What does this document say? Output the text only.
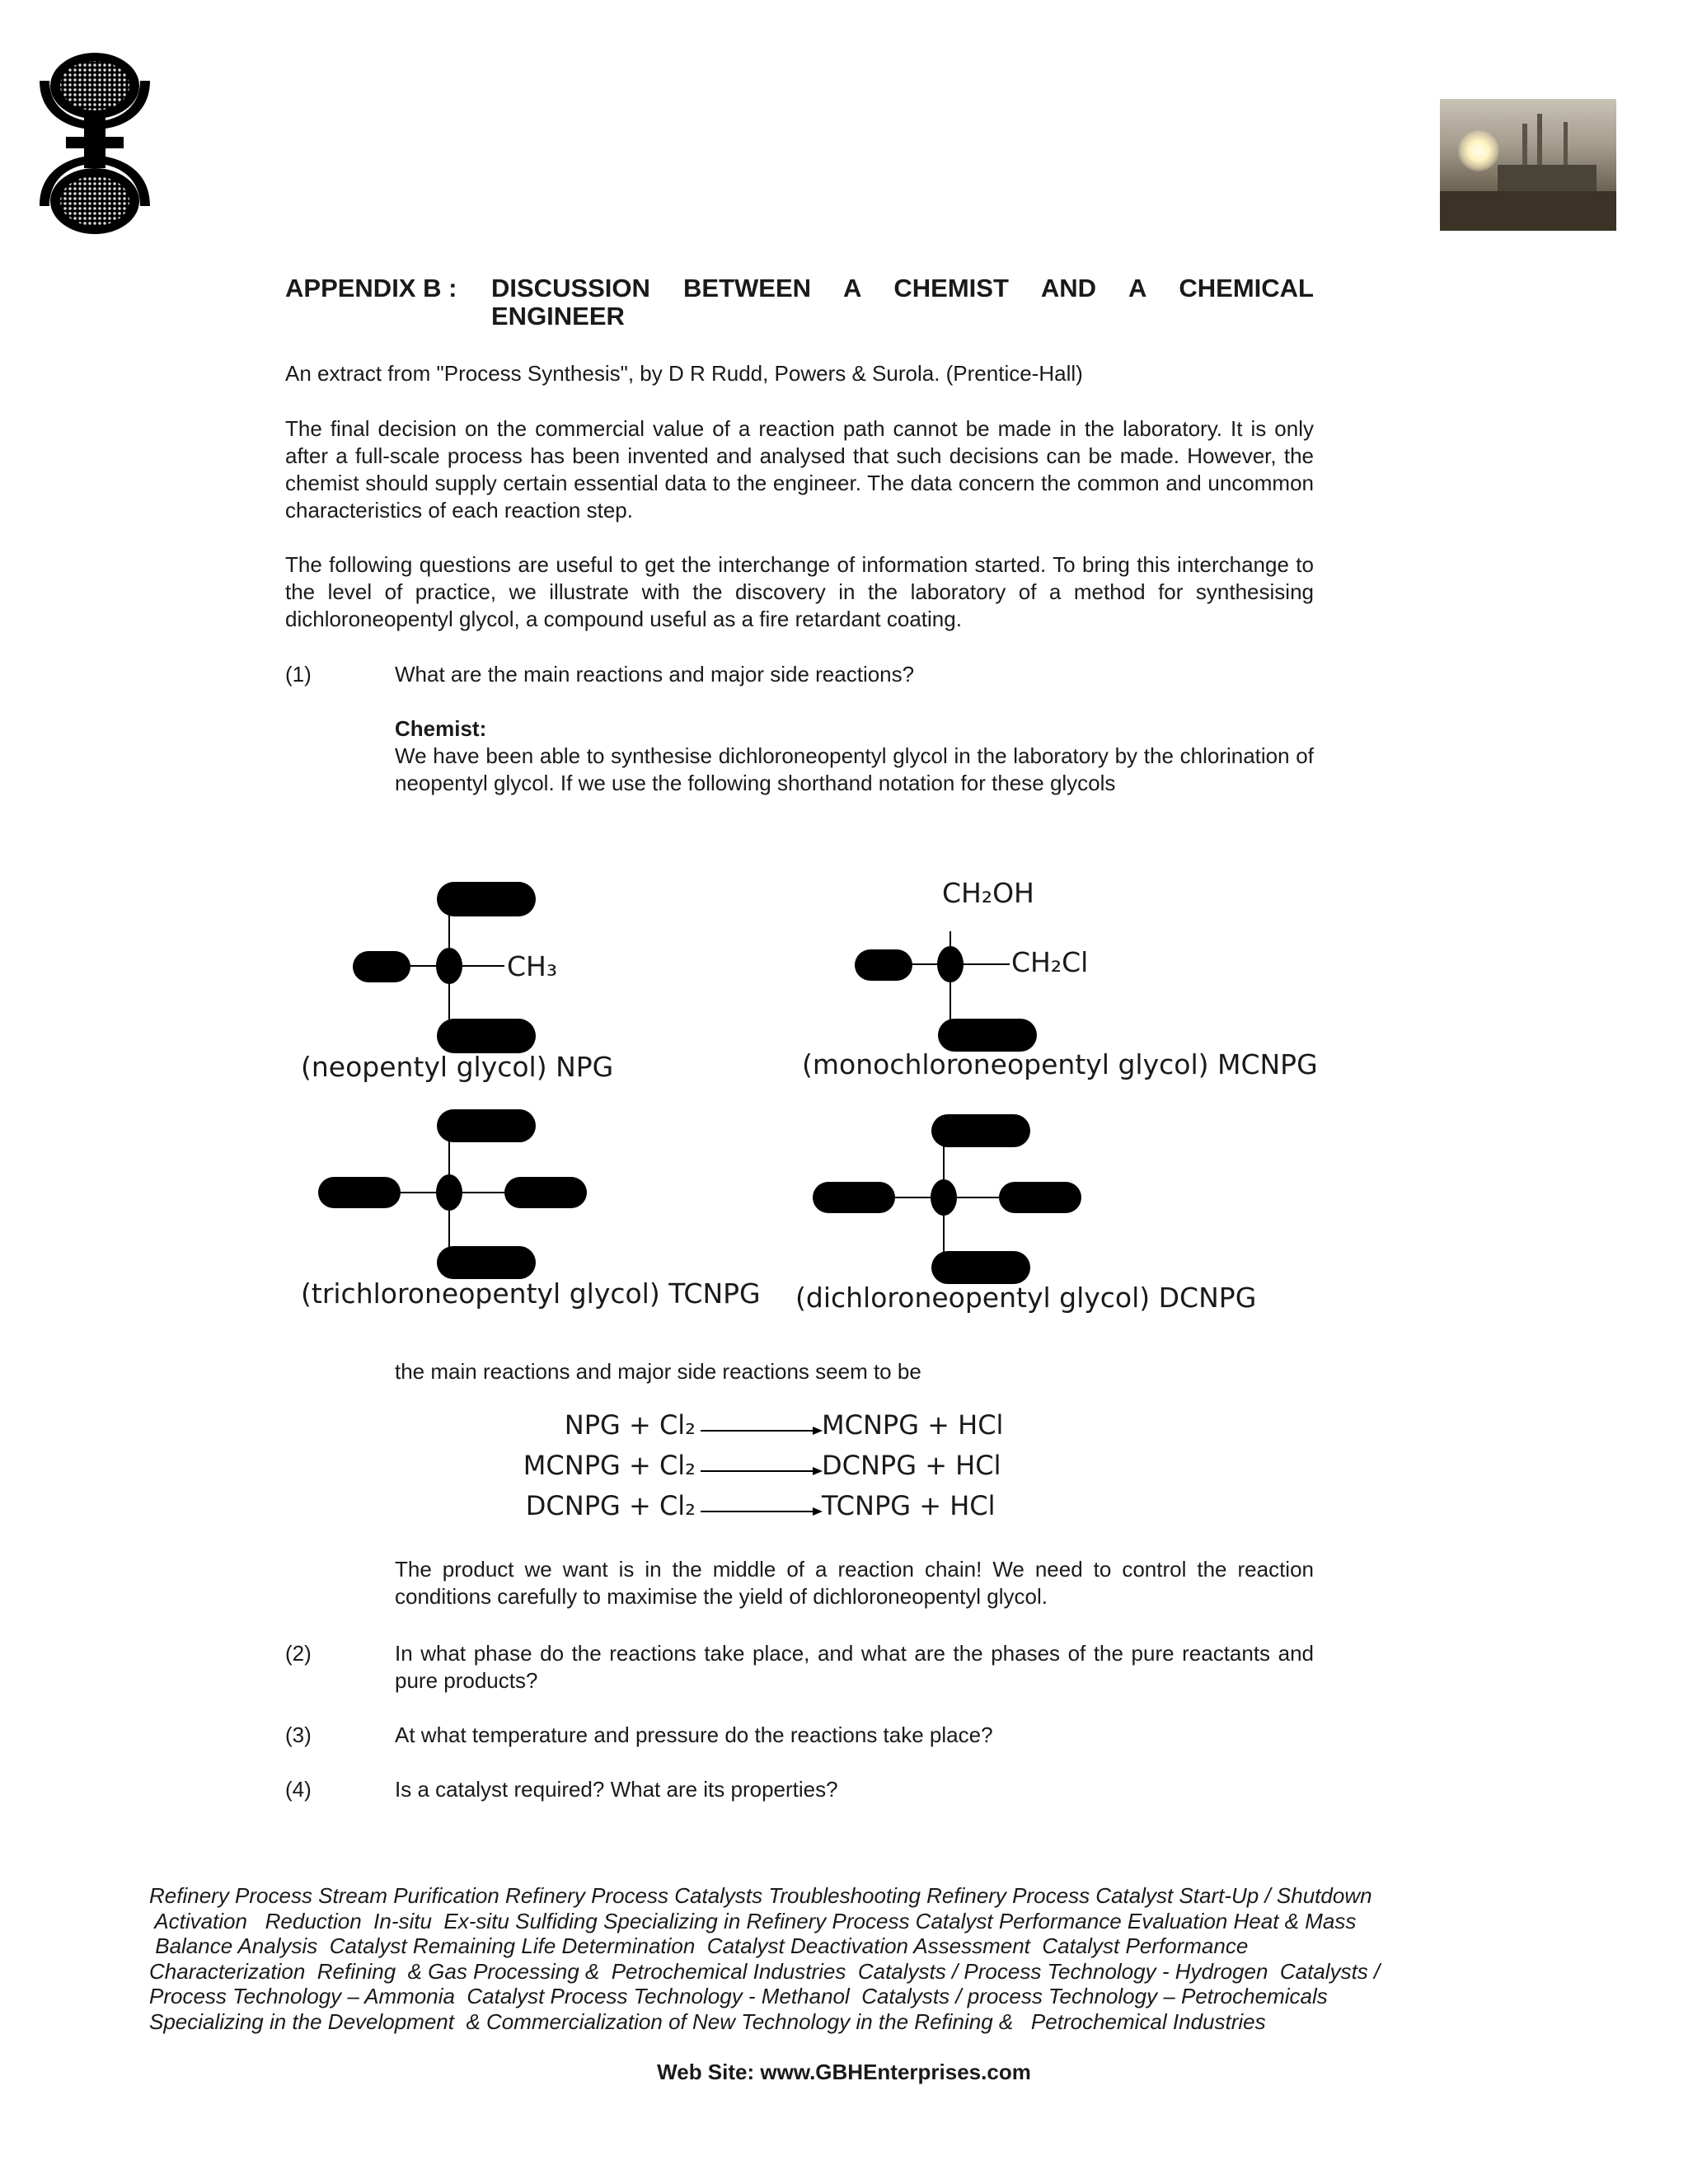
APPENDIX B : DISCUSSION BETWEEN A CHEMIST AND A CHEMICAL
ENGINEER
An extract from "Process Synthesis", by D R Rudd, Powers & Surola. (Prentice-Hall)
The final decision on the commercial value of a reaction path cannot be made in the laboratory. It is only after a full-scale process has been invented and analysed that such decisions can be made. However, the chemist should supply certain essential data to the engineer. The data concern the common and uncommon characteristics of each reaction step.
The following questions are useful to get the interchange of information started. To bring this interchange to the level of practice, we illustrate with the discovery in the laboratory of a method for synthesising dichloroneopentyl glycol, a compound useful as a fire retardant coating.
(1)	What are the main reactions and major side reactions?
Chemist:
We have been able to synthesise dichloroneopentyl glycol in the laboratory by the chlorination of neopentyl glycol. If we use the following shorthand notation for these glycols
CH₃
(neopentyl glycol) NPG
CH₂OH
CH₂Cl
(monochloroneopentyl glycol) MCNPG
(trichloroneopentyl glycol) TCNPG (dichloroneopentyl glycol) DCNPG
the main reactions and major side reactions seem to be
NPG + Cl₂	MCNPG + HCl
MCNPG + Cl₂	DCNPG + HCl
DCNPG + Cl₂	TCNPG + HCl
The product we want is in the middle of a reaction chain! We need to control the reaction conditions carefully to maximise the yield of dichloroneopentyl glycol.
(2)	In what phase do the reactions take place, and what are the phases of the pure reactants and pure products?
(3)	At what temperature and pressure do the reactions take place?
(4)	Is a catalyst required? What are its properties?
Refinery Process Stream Purification Refinery Process Catalysts Troubleshooting Refinery Process Catalyst Start-Up / Shutdown
Activation   Reduction  In-situ  Ex-situ Sulfiding Specializing in Refinery Process Catalyst Performance Evaluation Heat & Mass
Balance Analysis  Catalyst Remaining Life Determination  Catalyst Deactivation Assessment  Catalyst Performance
Characterization  Refining  & Gas Processing &  Petrochemical Industries  Catalysts / Process Technology - Hydrogen  Catalysts /
Process Technology – Ammonia  Catalyst Process Technology - Methanol  Catalysts / process Technology – Petrochemicals
Specializing in the Development  & Commercialization of New Technology in the Refining &   Petrochemical Industries
Web Site: www.GBHEnterprises.com
